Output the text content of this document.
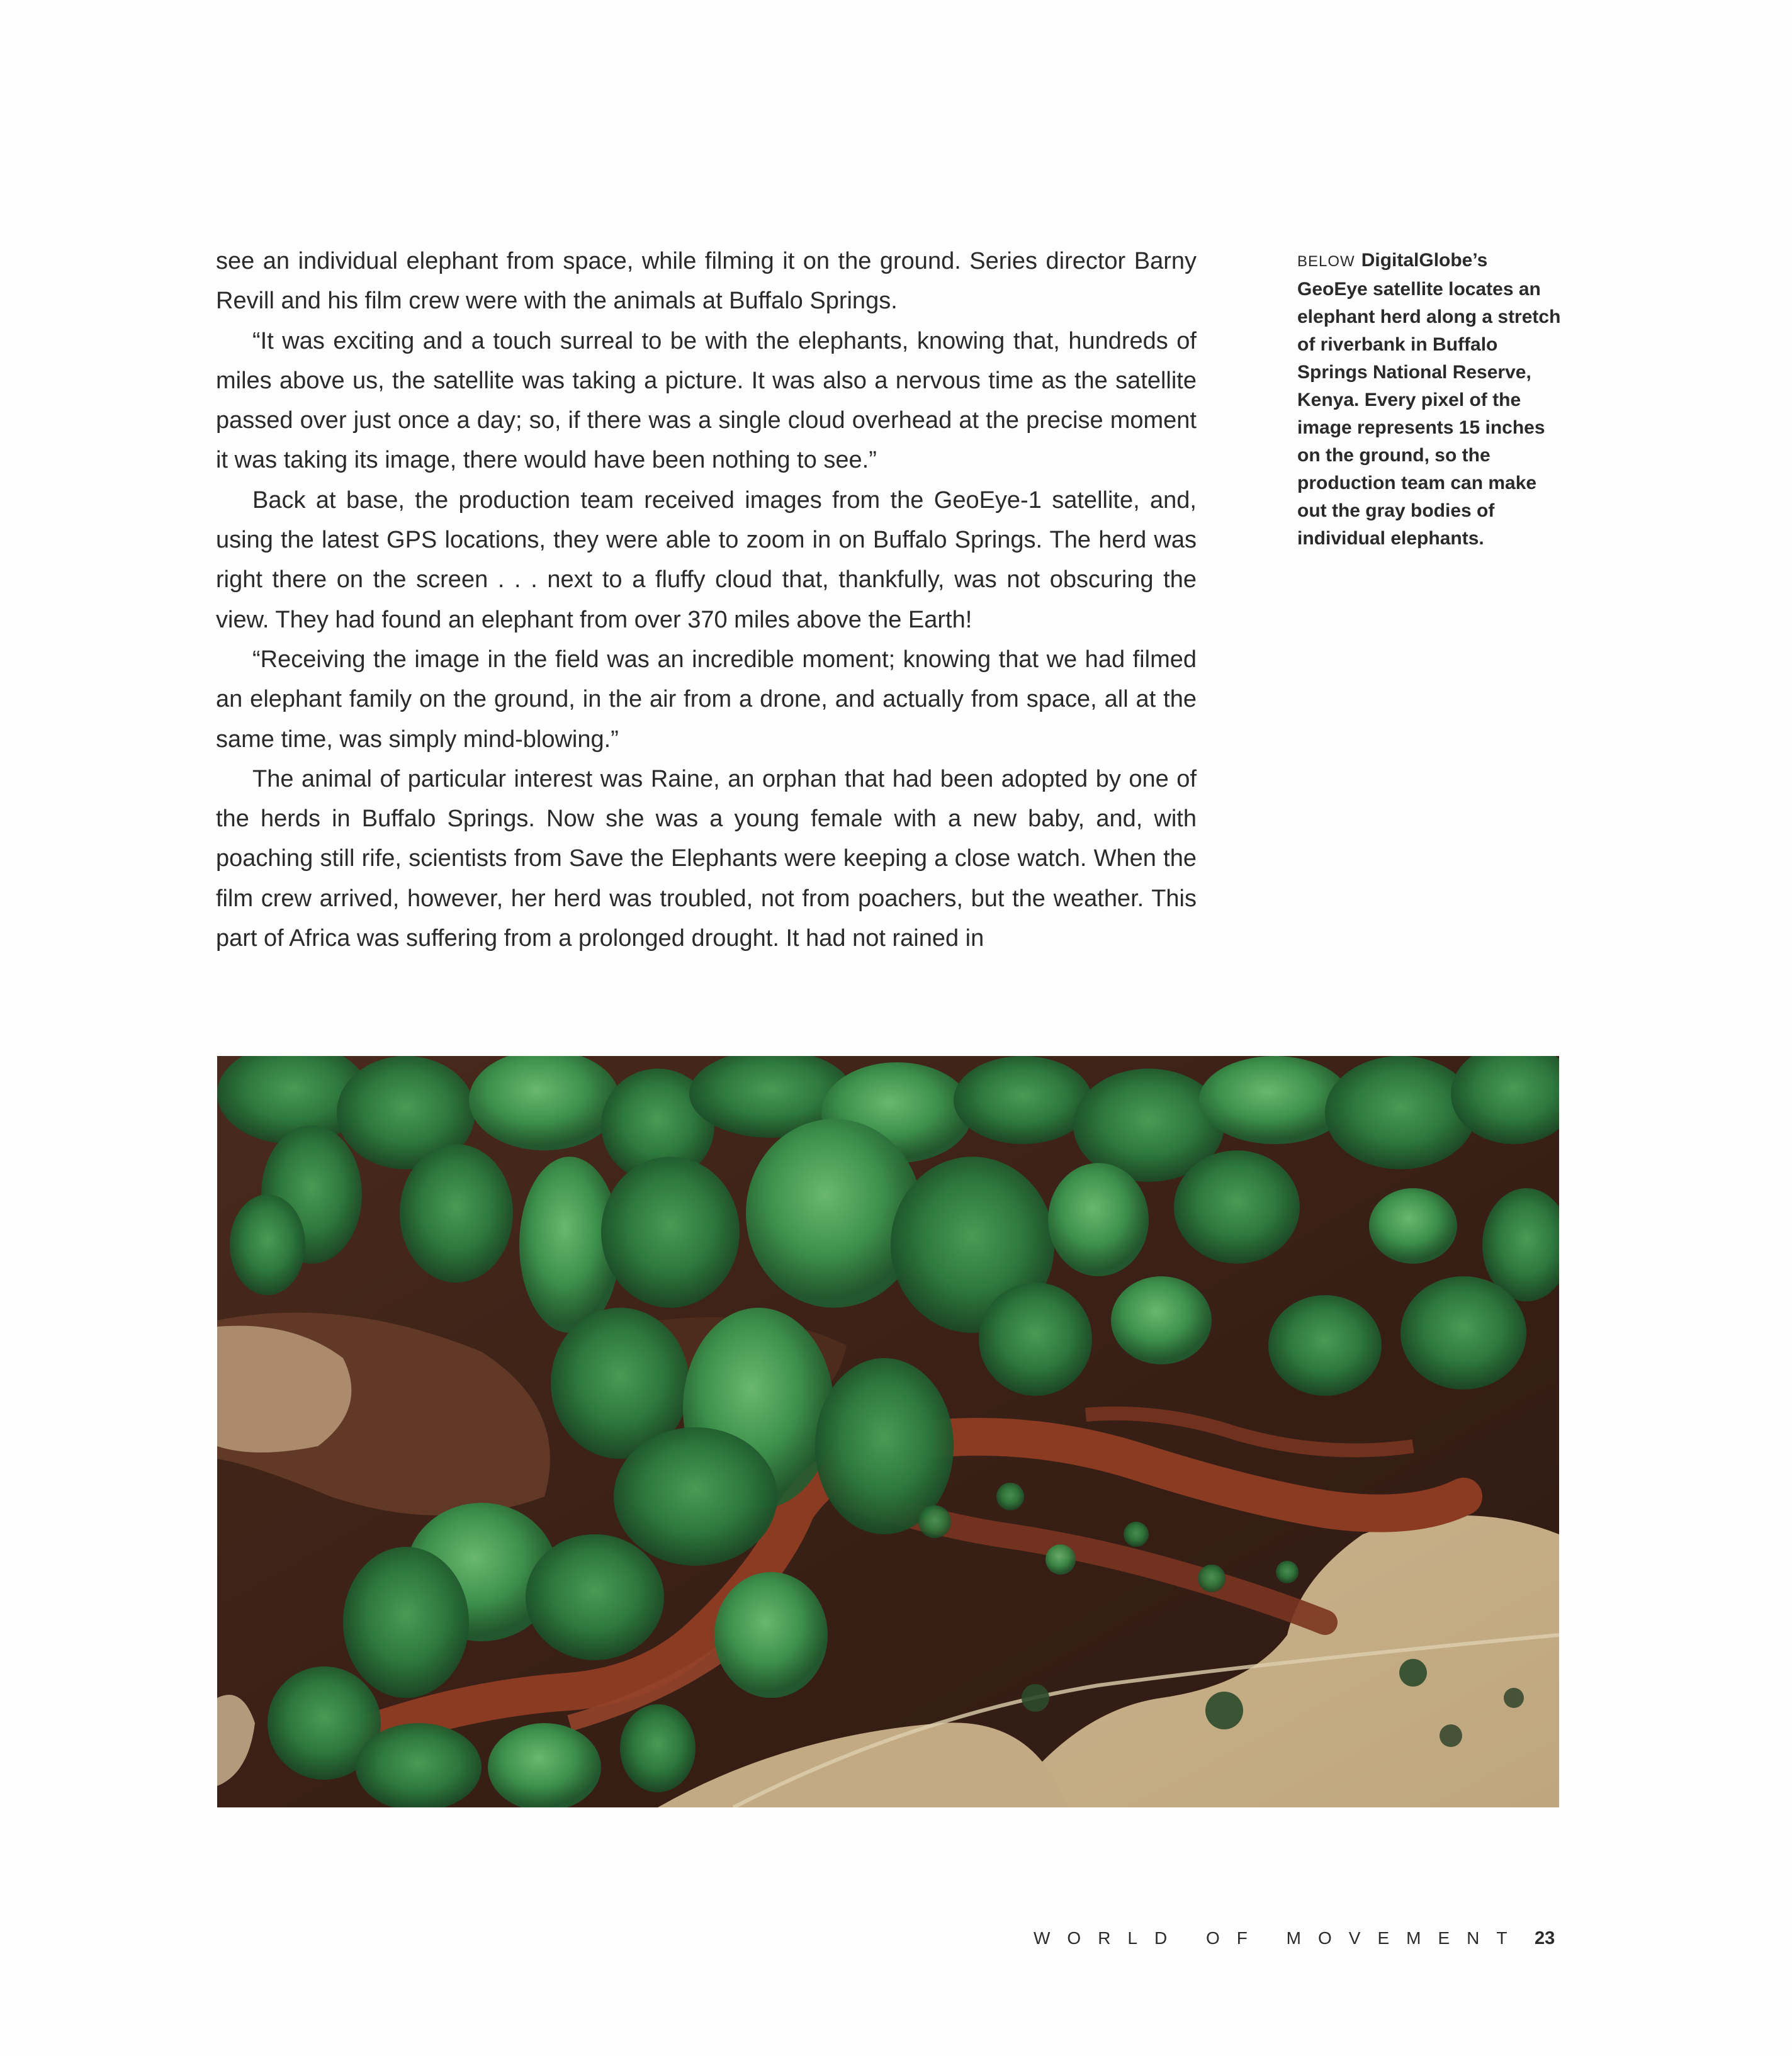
see an individual elephant from space, while filming it on the ground. Series director Barny Revill and his film crew were with the animals at Buffalo Springs.

“It was exciting and a touch surreal to be with the elephants, knowing that, hundreds of miles above us, the satellite was taking a picture. It was also a nervous time as the satellite passed over just once a day; so, if there was a single cloud overhead at the precise moment it was taking its image, there would have been nothing to see.”

Back at base, the production team received images from the GeoEye-1 satellite, and, using the latest GPS locations, they were able to zoom in on Buffalo Springs. The herd was right there on the screen . . . next to a fluffy cloud that, thankfully, was not obscuring the view. They had found an elephant from over 370 miles above the Earth!

“Receiving the image in the field was an incredible moment; knowing that we had filmed an elephant family on the ground, in the air from a drone, and actually from space, all at the same time, was simply mind-blowing.”

The animal of particular interest was Raine, an orphan that had been adopted by one of the herds in Buffalo Springs. Now she was a young female with a new baby, and, with poaching still rife, scientists from Save the Elephants were keeping a close watch. When the film crew arrived, however, her herd was troubled, not from poachers, but the weather. This part of Africa was suffering from a prolonged drought. It had not rained in

BELOW DigitalGlobe’s GeoEye satellite locates an elephant herd along a stretch of riverbank in Buffalo Springs National Reserve, Kenya. Every pixel of the image represents 15 inches on the ground, so the production team can make out the gray bodies of individual elephants.
WORLD OF MOVEMENT 23
